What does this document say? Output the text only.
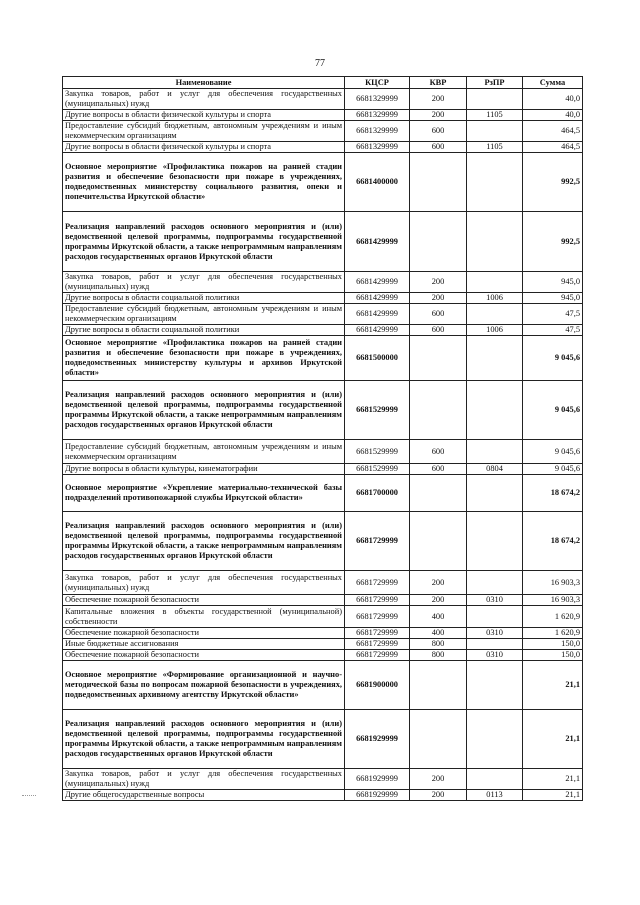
77
Наименование	КЦСР	КВР	РзПР	Сумма
Закупка товаров, работ и услуг для обеспечения государственных (муниципальных) нужд	6681329999	200		40,0
Другие вопросы в области физической культуры и спорта	6681329999	200	1105	40,0
Предоставление субсидий бюджетным, автономным учреждениям и иным некоммерческим организациям	6681329999	600		464,5
Другие вопросы в области физической культуры и спорта	6681329999	600	1105	464,5
Основное мероприятие «Профилактика пожаров на ранней стадии развития и обеспечение безопасности при пожаре в учреждениях, подведомственных министерству социального развития, опеки и попечительства Иркутской области»	6681400000			992,5
Реализация направлений расходов основного мероприятия и (или) ведомственной целевой программы, подпрограммы государственной программы Иркутской области, а также непрограммным направлениям расходов государственных органов Иркутской области	6681429999			992,5
Закупка товаров, работ и услуг для обеспечения государственных (муниципальных) нужд	6681429999	200		945,0
Другие вопросы в области социальной политики	6681429999	200	1006	945,0
Предоставление субсидий бюджетным, автономным учреждениям и иным некоммерческим организациям	6681429999	600		47,5
Другие вопросы в области социальной политики	6681429999	600	1006	47,5
Основное мероприятие «Профилактика пожаров на ранней стадии развития и обеспечение безопасности при пожаре в учреждениях, подведомственных министерству культуры и архивов Иркутской области»	6681500000			9 045,6
Реализация направлений расходов основного мероприятия и (или) ведомственной целевой программы, подпрограммы государственной программы Иркутской области, а также непрограммным направлениям расходов государственных органов Иркутской области	6681529999			9 045,6
Предоставление субсидий бюджетным, автономным учреждениям и иным некоммерческим организациям	6681529999	600		9 045,6
Другие вопросы в области культуры, кинематографии	6681529999	600	0804	9 045,6
Основное мероприятие «Укрепление материально-технической базы подразделений противопожарной службы Иркутской области»	6681700000			18 674,2
Реализация направлений расходов основного мероприятия и (или) ведомственной целевой программы, подпрограммы государственной программы Иркутской области, а также непрограммным направлениям расходов государственных органов Иркутской области	6681729999			18 674,2
Закупка товаров, работ и услуг для обеспечения государственных (муниципальных) нужд	6681729999	200		16 903,3
Обеспечение пожарной безопасности	6681729999	200	0310	16 903,3
Капитальные вложения в объекты государственной (муниципальной) собственности	6681729999	400		1 620,9
Обеспечение пожарной безопасности	6681729999	400	0310	1 620,9
Иные бюджетные ассигнования	6681729999	800		150,0
Обеспечение пожарной безопасности	6681729999	800	0310	150,0
Основное мероприятие «Формирование организационной и научно-методической базы по вопросам пожарной безопасности в учреждениях, подведомственных архивному агентству Иркутской области»	6681900000			21,1
Реализация направлений расходов основного мероприятия и (или) ведомственной целевой программы, подпрограммы государственной программы Иркутской области, а также непрограммным направлениям расходов государственных органов Иркутской области	6681929999			21,1
Закупка товаров, работ и услуг для обеспечения государственных (муниципальных) нужд	6681929999	200		21,1
Другие общегосударственные вопросы	6681929999	200	0113	21,1
